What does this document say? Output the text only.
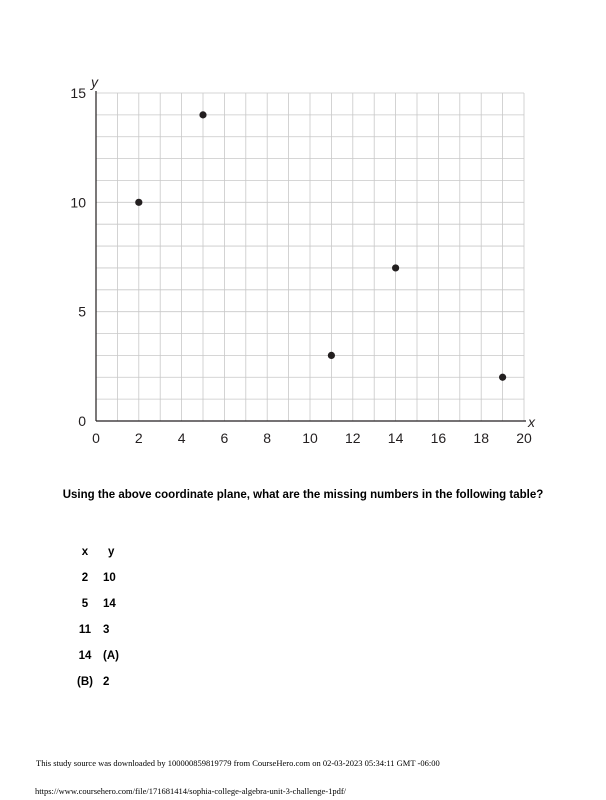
0	2	4	6	8 10 12 14 16 18 20
0
5
10
15
x
y
Using the above coordinate plane, what are the missing numbers in the following table?
x	y
2	10
5	14
11	3
14	(A)
(B) 2
This study source was downloaded by 100000859819779 from CourseHero.com on 02-03-2023 05:34:11 GMT -06:00
https://www.coursehero.com/file/171681414/sophia-college-algebra-unit-3-challenge-1pdf/
